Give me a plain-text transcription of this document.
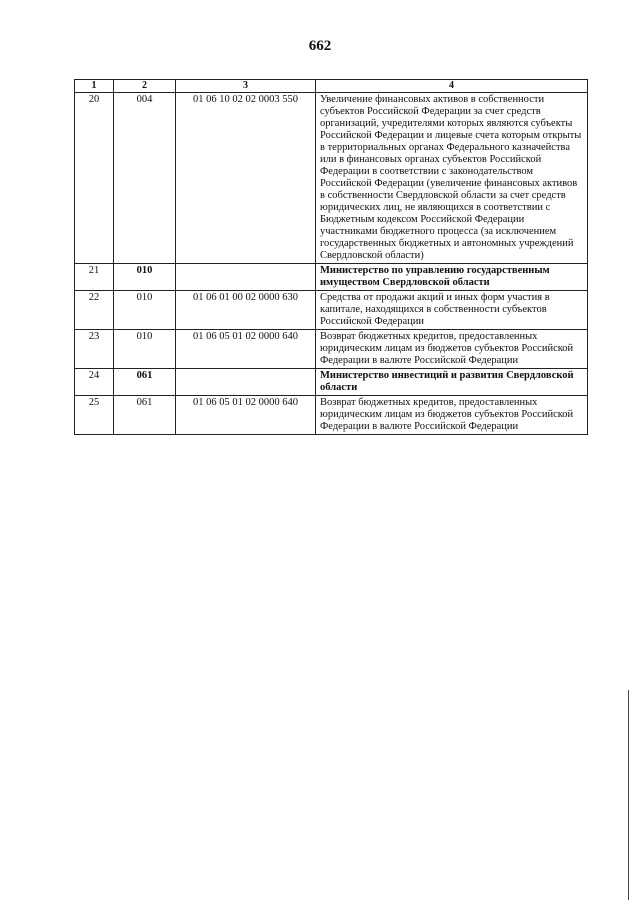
662
1	2	3	4
20	004	01 06 10 02 02 0003 550	Увеличение финансовых активов в собственности субъектов Российской Федерации за счет средств организаций, учредителями которых являются субъекты Российской Федерации и лицевые счета которым открыты в территориальных органах Федерального казначейства или в финансовых органах субъектов Российской Федерации в соответствии с законодательством Российской Федерации (увеличение финансовых активов в собственности Свердловской области за счет средств юридических лиц, не являющихся в соответствии с Бюджетным кодексом Российской Федерации участниками бюджетного процесса (за исключением государственных бюджетных и автономных учреждений Свердловской области)
21	010		Министерство по управлению государственным имуществом Свердловской области
22	010	01 06 01 00 02 0000 630	Средства от продажи акций и иных форм участия в капитале, находящихся в собственности субъектов Российской Федерации
23	010	01 06 05 01 02 0000 640	Возврат бюджетных кредитов, предоставленных юридическим лицам из бюджетов субъектов Российской Федерации в валюте Российской Федерации
24	061		Министерство инвестиций и развития Свердловской области
25	061	01 06 05 01 02 0000 640	Возврат бюджетных кредитов, предоставленных юридическим лицам из бюджетов субъектов Российской Федерации в валюте Российской Федерации
